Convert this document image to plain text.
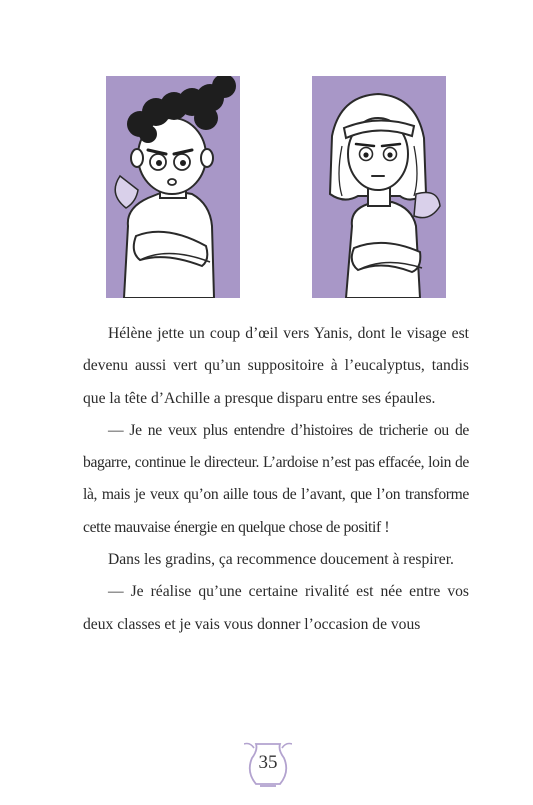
Hélène jette un coup d’œil vers Yanis, dont le visage est devenu aussi vert qu’un suppositoire à l’eucalyptus, tandis que la tête d’Achille a presque disparu entre ses épaules.

— Je ne veux plus entendre d’histoires de tricherie ou de bagarre, continue le directeur. L’ardoise n’est pas effacée, loin de là, mais je veux qu’on aille tous de l’avant, que l’on transforme cette mauvaise énergie en quelque chose de positif !

Dans les gradins, ça recommence doucement à respirer.

— Je réalise qu’une certaine rivalité est née entre vos deux classes et je vais vous donner l’occasion de vous

35
